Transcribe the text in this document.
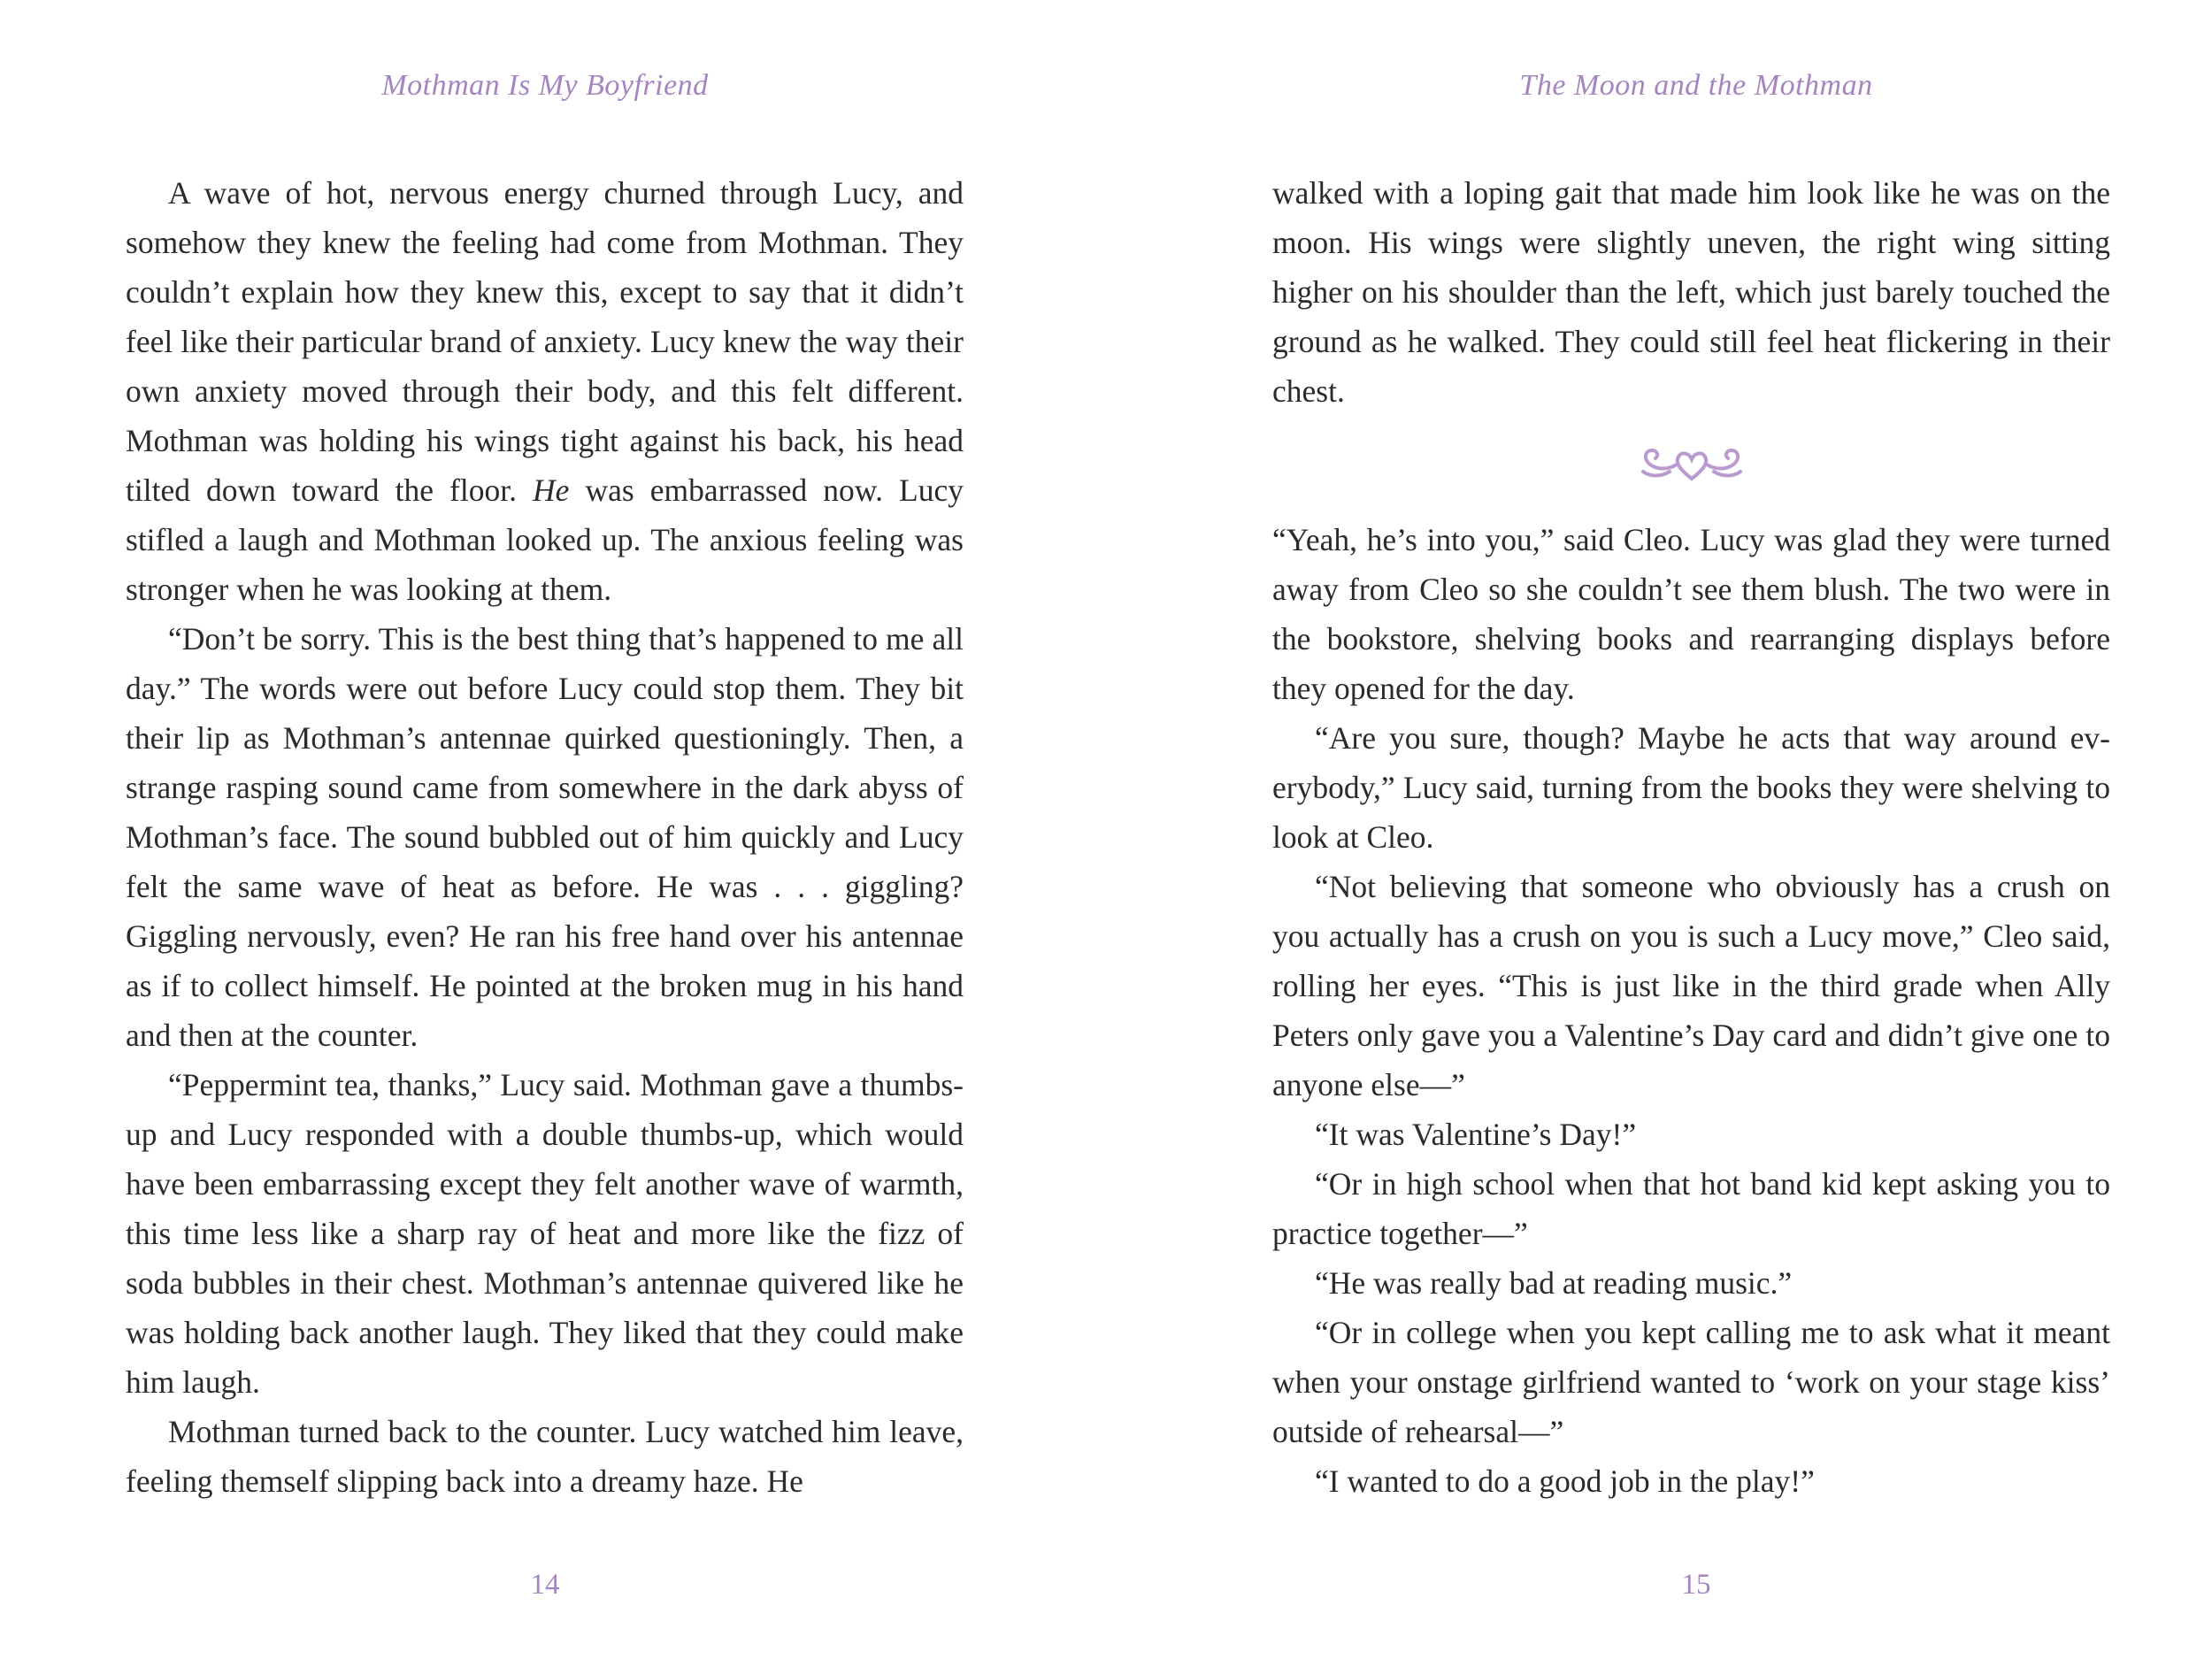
Mothman Is My Boyfriend

A wave of hot, nervous energy churned through Lucy, and somehow they knew the feeling had come from Mothman. They couldn’t explain how they knew this, except to say that it didn’t feel like their particular brand of anxiety. Lucy knew the way their own anxiety moved through their body, and this felt different. Mothman was holding his wings tight against his back, his head tilted down toward the floor. He was embarrassed now. Lucy stifled a laugh and Mothman looked up. The anxious feeling was stronger when he was looking at them.

“Don’t be sorry. This is the best thing that’s happened to me all day.” The words were out before Lucy could stop them. They bit their lip as Mothman’s antennae quirked questioningly. Then, a strange rasping sound came from somewhere in the dark abyss of Mothman’s face. The sound bubbled out of him quickly and Lucy felt the same wave of heat as before. He was . . . giggling? Giggling nervously, even? He ran his free hand over his antennae as if to collect himself. He pointed at the broken mug in his hand and then at the counter.

“Peppermint tea, thanks,” Lucy said. Mothman gave a thumbs-up and Lucy responded with a double thumbs-up, which would have been embarrassing except they felt another wave of warmth, this time less like a sharp ray of heat and more like the fizz of soda bubbles in their chest. Mothman’s antennae quivered like he was holding back another laugh. They liked that they could make him laugh.

Mothman turned back to the counter. Lucy watched him leave, feeling themself slipping back into a dreamy haze. He

14
The Moon and the Mothman

walked with a loping gait that made him look like he was on the moon. His wings were slightly uneven, the right wing sitting higher on his shoulder than the left, which just barely touched the ground as he walked. They could still feel heat flickering in their chest.

“Yeah, he’s into you,” said Cleo. Lucy was glad they were turned away from Cleo so she couldn’t see them blush. The two were in the bookstore, shelving books and rearranging displays before they opened for the day.

“Are you sure, though? Maybe he acts that way around everybody,” Lucy said, turning from the books they were shelving to look at Cleo.

“Not believing that someone who obviously has a crush on you actually has a crush on you is such a Lucy move,” Cleo said, rolling her eyes. “This is just like in the third grade when Ally Peters only gave you a Valentine’s Day card and didn’t give one to anyone else—”

“It was Valentine’s Day!”

“Or in high school when that hot band kid kept asking you to practice together—”

“He was really bad at reading music.”

“Or in college when you kept calling me to ask what it meant when your onstage girlfriend wanted to ‘work on your stage kiss’ outside of rehearsal—”

“I wanted to do a good job in the play!”

15
